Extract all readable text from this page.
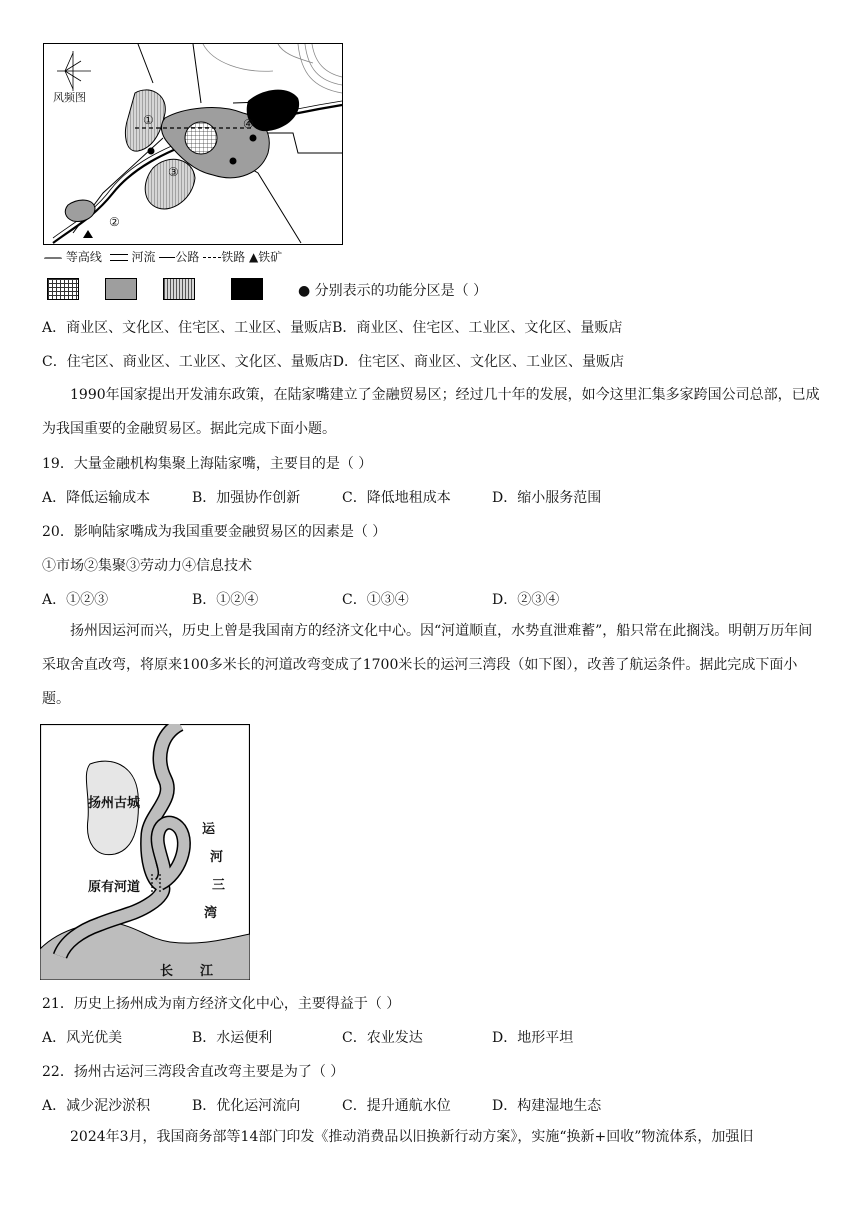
风频图
①
②
③
④
等高线 河流 公路 铁路 ▲铁矿
● 分别表示的功能分区是（ ）
A．商业区、文化区、住宅区、工业区、量贩店B．商业区、住宅区、工业区、文化区、量贩店
C．住宅区、商业区、工业区、文化区、量贩店D．住宅区、商业区、文化区、工业区、量贩店
1990年国家提出开发浦东政策，在陆家嘴建立了金融贸易区；经过几十年的发展，如今这里汇集多家跨国公司总部，已成为我国重要的金融贸易区。据此完成下面小题。
19．大量金融机构集聚上海陆家嘴，主要目的是（ ）
A．降低运输成本	B．加强协作创新	C．降低地租成本	D．缩小服务范围
20．影响陆家嘴成为我国重要金融贸易区的因素是（ ）
①市场②集聚③劳动力④信息技术
A．①②③	B．①②④	C．①③④	D．②③④
扬州因运河而兴，历史上曾是我国南方的经济文化中心。因“河道顺直，水势直泄难蓄”，船只常在此搁浅。明朝万历年间采取舍直改弯，将原来100多米长的河道改弯变成了1700米长的运河三湾段（如下图），改善了航运条件。据此完成下面小题。
扬州古城
原有河道
运
河
三
湾
长 江
21．历史上扬州成为南方经济文化中心，主要得益于（ ）
A．风光优美	B．水运便利	C．农业发达	D．地形平坦
22．扬州古运河三湾段舍直改弯主要是为了（ ）
A．减少泥沙淤积	B．优化运河流向	C．提升通航水位	D．构建湿地生态
2024年3月，我国商务部等14部门印发《推动消费品以旧换新行动方案》，实施“换新+回收”物流体系，加强旧
